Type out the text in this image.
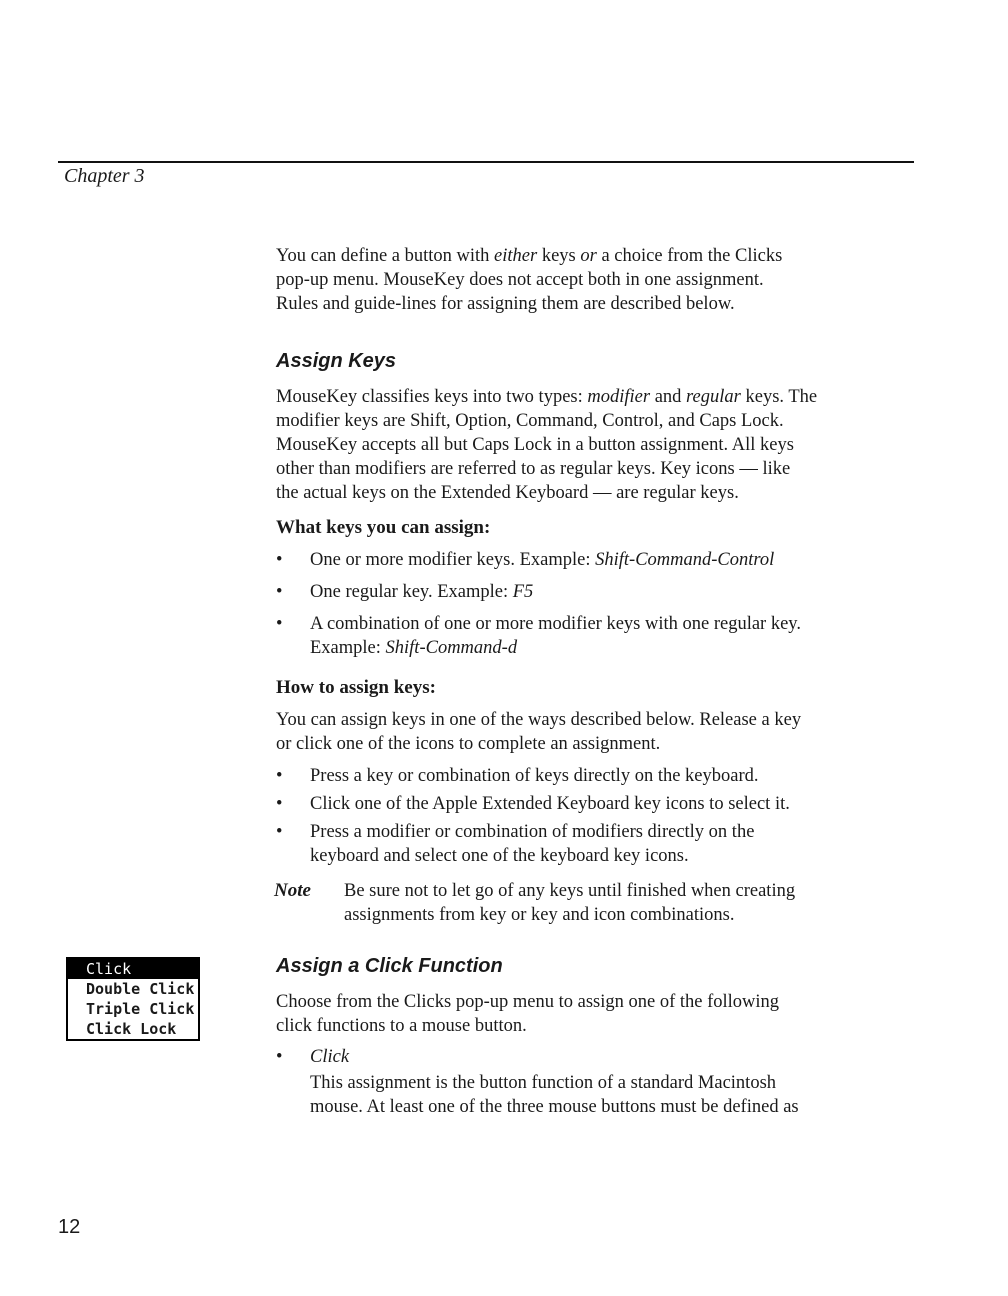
Chapter 3

You can define a button with either keys or a choice from the Clicks

pop-up menu. MouseKey does not accept both in one assignment.

Rules and guide-lines for assigning them are described below.

Assign Keys

MouseKey classifies keys into two types: modifier and regular keys. The

modifier keys are Shift, Option, Command, Control, and Caps Lock.

MouseKey accepts all but Caps Lock in a button assignment. All keys

other than modifiers are referred to as regular keys. Key icons — like

the actual keys on the Extended Keyboard — are regular keys.

What keys you can assign:
• One or more modifier keys. Example: Shift-Command-Control
• One regular key. Example: F5
• A combination of one or more modifier keys with one regular key.
Example: Shift-Command-d
How to assign keys:

You can assign keys in one of the ways described below. Release a key

or click one of the icons to complete an assignment.

• Press a key or combination of keys directly on the keyboard.
• Click one of the Apple Extended Keyboard key icons to select it.
• Press a modifier or combination of modifiers directly on the
keyboard and select one of the keyboard key icons.
Note Be sure not to let go of any keys until finished when creating
assignments from key or key and icon combinations.
Click
Double Click
Triple Click
Click Lock
Assign a Click Function

Choose from the Clicks pop-up menu to assign one of the following

click functions to a mouse button.

• Click

This assignment is the button function of a standard Macintosh

mouse. At least one of the three mouse buttons must be defined as

12
